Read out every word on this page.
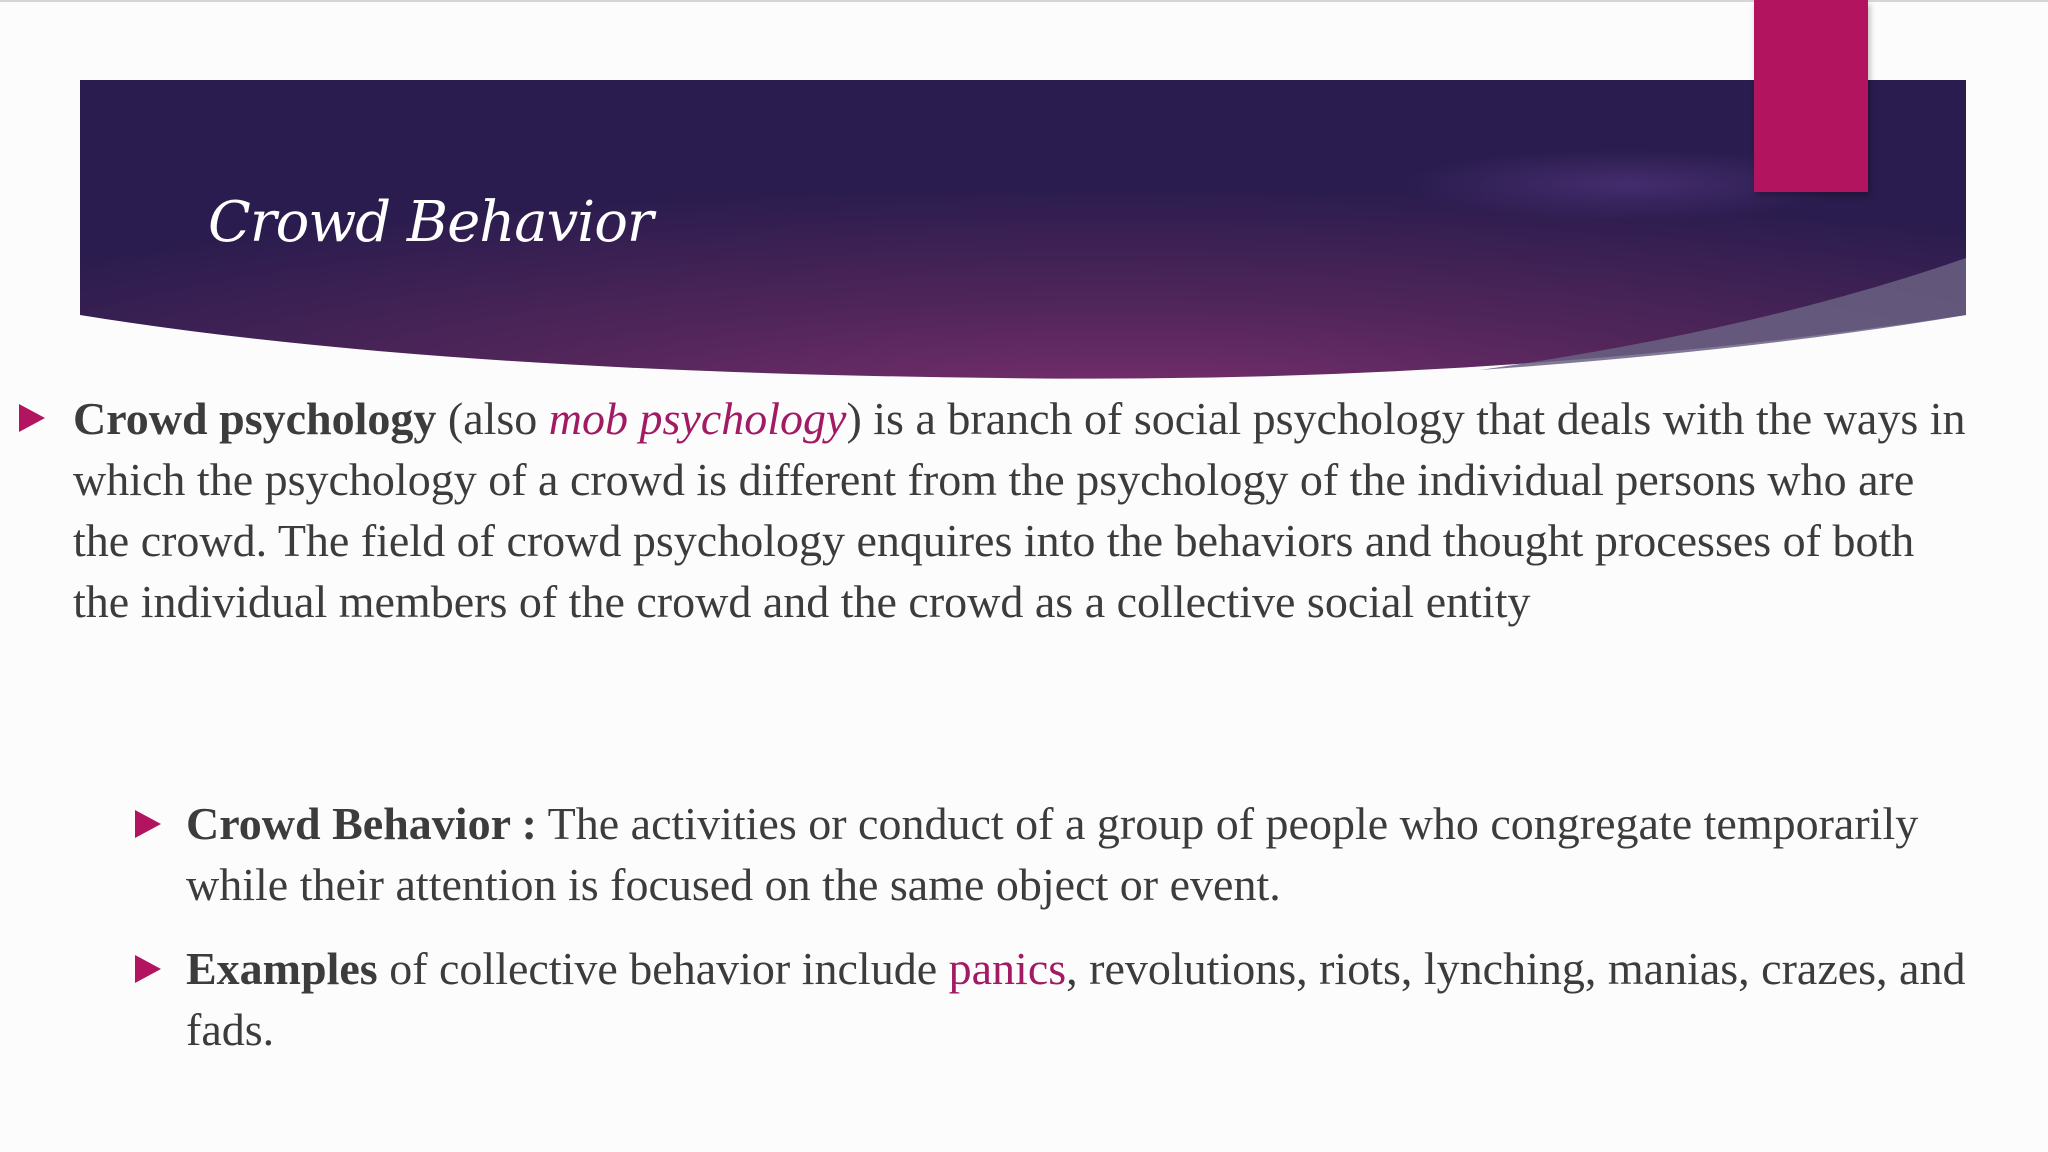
Crowd Behavior
Crowd psychology (also mob psychology) is a branch of social psychology that deals with the ways in which the psychology of a crowd is different from the psychology of the individual persons who are the crowd. The field of crowd psychology enquires into the behaviors and thought processes of both the individual members of the crowd and the crowd as a collective social entity
Crowd Behavior : The activities or conduct of a group of people who congregate temporarily while their attention is focused on the same object or event.
Examples of collective behavior include panics, revolutions, riots, lynching, manias, crazes, and fads.
